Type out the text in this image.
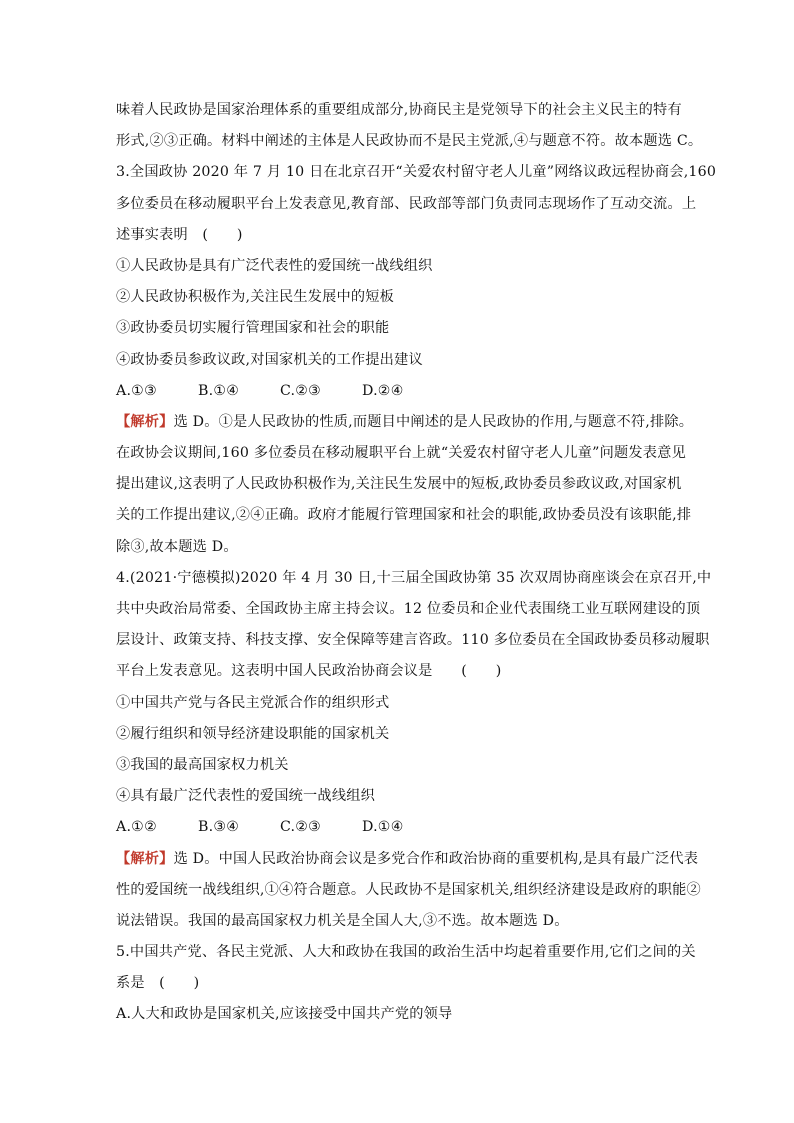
味着人民政协是国家治理体系的重要组成部分,协商民主是党领导下的社会主义民主的特有
形式,②③正确。材料中阐述的主体是人民政协而不是民主党派,④与题意不符。故本题选 C。
3.全国政协 2020 年 7 月 10 日在北京召开“关爱农村留守老人儿童”网络议政远程协商会,160
多位委员在移动履职平台上发表意见,教育部、民政部等部门负责同志现场作了互动交流。上
述事实表明　(　　)
①人民政协是具有广泛代表性的爱国统一战线组织
②人民政协积极作为,关注民生发展中的短板
③政协委员切实履行管理国家和社会的职能
④政协委员参政议政,对国家机关的工作提出建议
A.①③	B.①④	C.②③	D.②④
【解析】选 D。①是人民政协的性质,而题目中阐述的是人民政协的作用,与题意不符,排除。
在政协会议期间,160 多位委员在移动履职平台上就“关爱农村留守老人儿童”问题发表意见
提出建议,这表明了人民政协积极作为,关注民生发展中的短板,政协委员参政议政,对国家机
关的工作提出建议,②④正确。政府才能履行管理国家和社会的职能,政协委员没有该职能,排
除③,故本题选 D。
4.(2021·宁德模拟)2020 年 4 月 30 日,十三届全国政协第 35 次双周协商座谈会在京召开,中
共中央政治局常委、全国政协主席主持会议。12 位委员和企业代表围绕工业互联网建设的顶
层设计、政策支持、科技支撑、安全保障等建言咨政。110 多位委员在全国政协委员移动履职
平台上发表意见。这表明中国人民政治协商会议是　　(　　)
①中国共产党与各民主党派合作的组织形式
②履行组织和领导经济建设职能的国家机关
③我国的最高国家权力机关
④具有最广泛代表性的爱国统一战线组织
A.①②	B.③④	C.②③	D.①④
【解析】选 D。中国人民政治协商会议是多党合作和政治协商的重要机构,是具有最广泛代表
性的爱国统一战线组织,①④符合题意。人民政协不是国家机关,组织经济建设是政府的职能②
说法错误。我国的最高国家权力机关是全国人大,③不选。故本题选 D。
5.中国共产党、各民主党派、人大和政协在我国的政治生活中均起着重要作用,它们之间的关
系是　(　　)
A.人大和政协是国家机关,应该接受中国共产党的领导
